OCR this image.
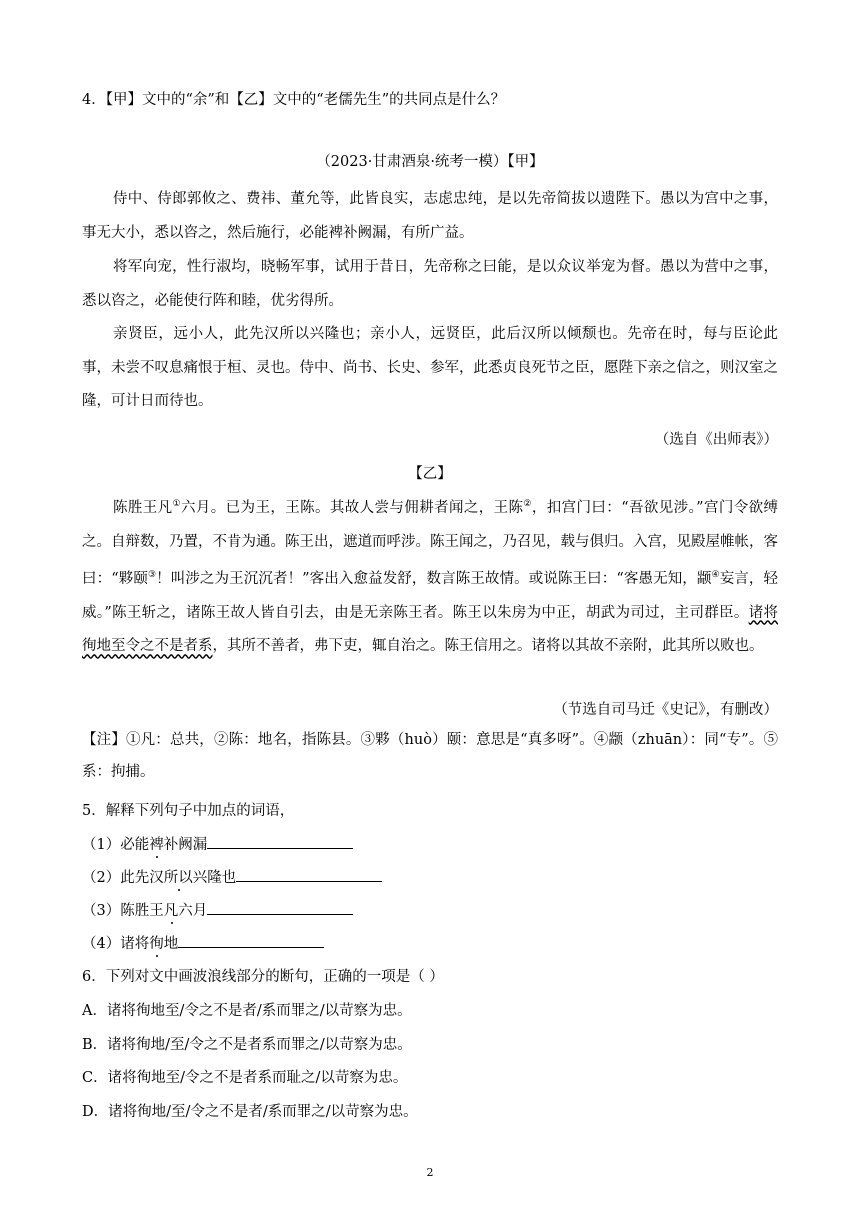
4．【甲】文中的“余”和【乙】文中的“老儒先生”的共同点是什么？
（2023·甘肃酒泉·统考一模）【甲】
侍中、侍郎郭攸之、费祎、董允等，此皆良实，志虑忠纯，是以先帝简拔以遗陛下。愚以为宫中之事，事无大小，悉以咨之，然后施行，必能裨补阙漏，有所广益。
将军向宠，性行淑均，晓畅军事，试用于昔日，先帝称之曰能，是以众议举宠为督。愚以为营中之事，悉以咨之，必能使行阵和睦，优劣得所。
亲贤臣，远小人，此先汉所以兴隆也；亲小人，远贤臣，此后汉所以倾颓也。先帝在时，每与臣论此事，未尝不叹息痛恨于桓、灵也。侍中、尚书、长史、参军，此悉贞良死节之臣，愿陛下亲之信之，则汉室之隆，可计日而待也。
（选自《出师表》）
【乙】
陈胜王凡①六月。已为王，王陈。其故人尝与佣耕者闻之，王陈②，扣宫门曰：“吾欲见涉。”宫门令欲缚之。自辩数，乃置，不肯为通。陈王出，遮道而呼涉。陈王闻之，乃召见，载与俱归。入宫，见殿屋帷帐，客曰：“夥颐③！叫涉之为王沉沉者！”客出入愈益发舒，数言陈王故情。或说陈王曰：“客愚无知，颛④妄言，轻威。”陈王斩之，诸陈王故人皆自引去，由是无亲陈王者。陈王以朱房为中正，胡武为司过，主司群臣。诸将徇地至令之不是者系，其所不善者，弗下吏，辄自治之。陈王信用之。诸将以其故不亲附，此其所以败也。
（节选自司马迁《史记》，有删改）
【注】①凡：总共，②陈：地名，指陈县。③夥（huò）颐：意思是“真多呀”。④颛（zhuān）：同“专”。⑤系：拘捕。
5．解释下列句子中加点的词语，
（1）必能裨补阙漏
（2）此先汉所以兴隆也
（3）陈胜王凡六月
（4）诸将徇地
6．下列对文中画波浪线部分的断句，正确的一项是（ ）
A．诸将徇地至/令之不是者/系而罪之/以苛察为忠。
B．诸将徇地/至/令之不是者系而罪之/以苛察为忠。
C．诸将徇地至/令之不是者系而耻之/以苛察为忠。
D．诸将徇地/至/令之不是者/系而罪之/以苛察为忠。
2
